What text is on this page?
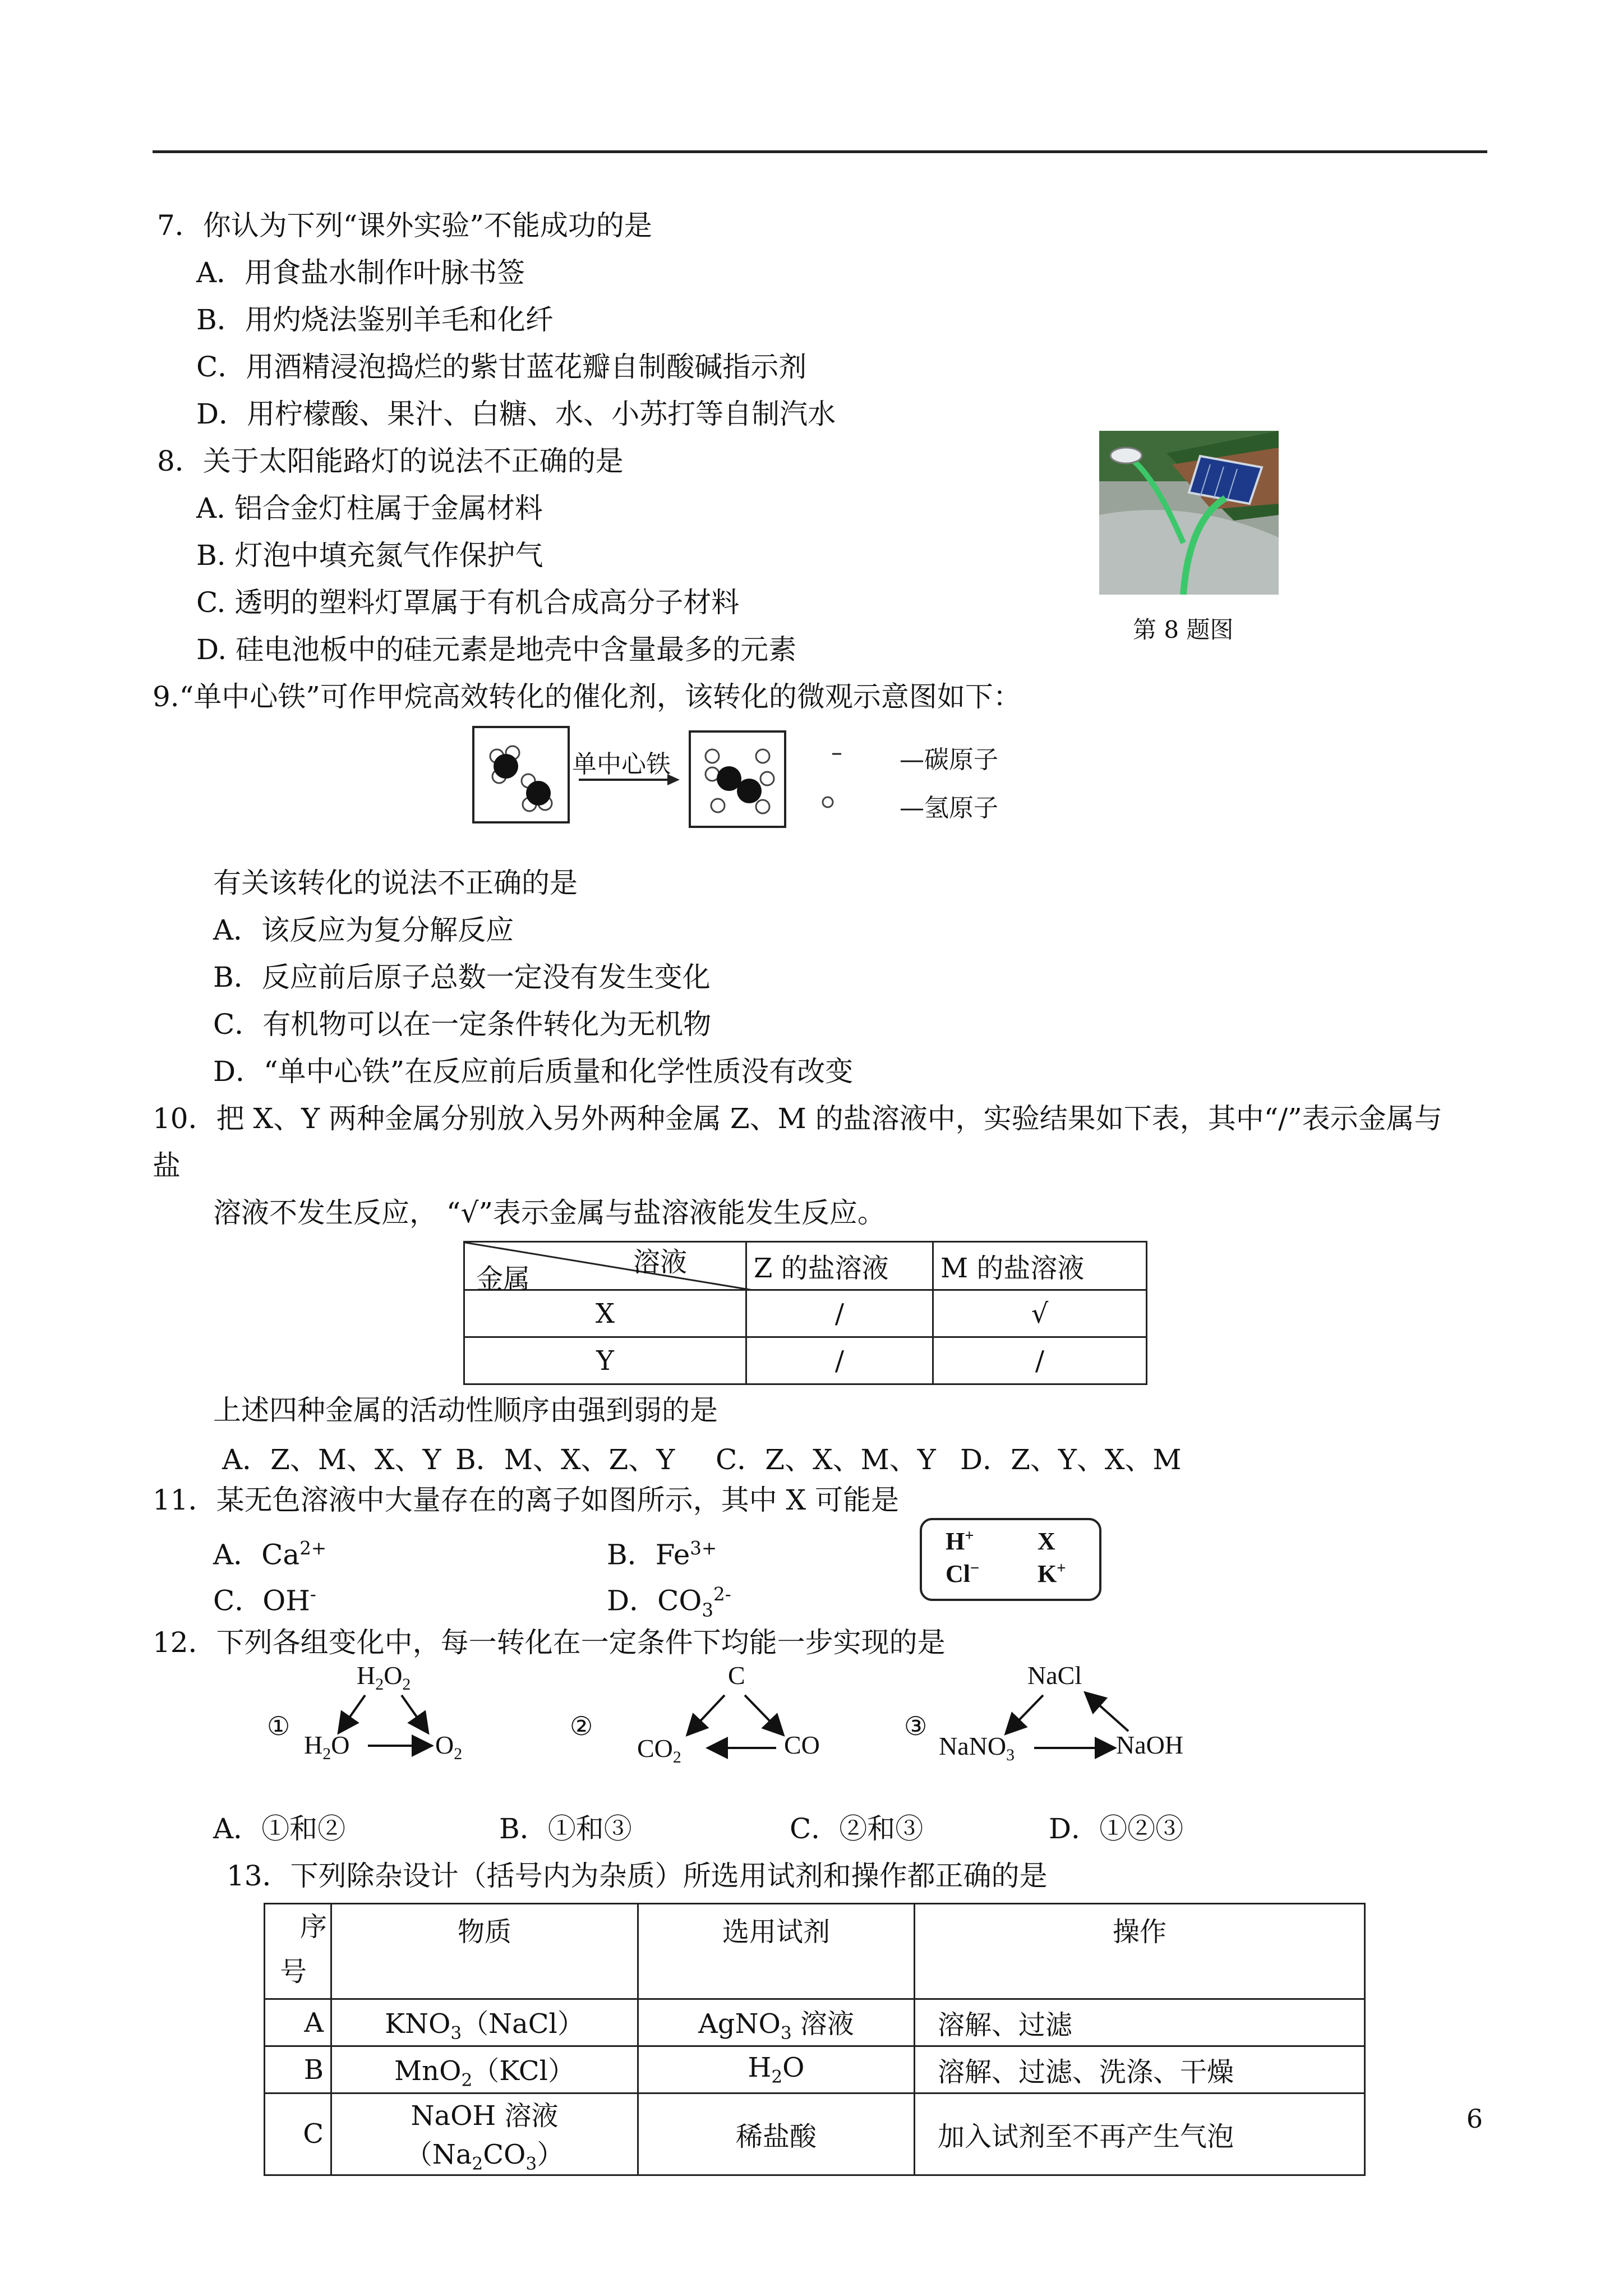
7．你认为下列“课外实验”不能成功的是
A．用食盐水制作叶脉书签
B．用灼烧法鉴别羊毛和化纤
C．用酒精浸泡捣烂的紫甘蓝花瓣自制酸碱指示剂
D．用柠檬酸、果汁、白糖、水、小苏打等自制汽水
8．关于太阳能路灯的说法不正确的是
A. 铝合金灯柱属于金属材料
B. 灯泡中填充氮气作保护气
C. 透明的塑料灯罩属于有机合成高分子材料
D. 硅电池板中的硅元素是地壳中含量最多的元素
第 8 题图
9.“单中心铁”可作甲烷高效转化的催化剂，该转化的微观示意图如下：
单中心铁	—碳原子
—氢原子
有关该转化的说法不正确的是
A．该反应为复分解反应
B．反应前后原子总数一定没有发生变化
C．有机物可以在一定条件转化为无机物
D．“单中心铁”在反应前后质量和化学性质没有改变
10．把 X、Y 两种金属分别放入另外两种金属 Z、M 的盐溶液中，实验结果如下表，其中“/”表示金属与
盐
溶液不发生反应， “√”表示金属与盐溶液能发生反应。
溶液
金属	Z 的盐溶液	M 的盐溶液
X	/	√
Y	/	/
上述四种金属的活动性顺序由强到弱的是
A．Z、M、X、Y B．M、X、Z、Y C．Z、X、M、Y D．Z、Y、X、M
11．某无色溶液中大量存在的离子如图所示，其中 X 可能是
A．$Ca^{2+}$	B．$Fe^{3+}$
C．OH-	D．$CO_3^{2-}$
H+	X
Cl− K+
12．下列各组变化中，每一转化在一定条件下均能一步实现的是
①
$H_2O_2$
$H_2O$	$O_2$
②
C
$CO_2$	CO
③
NaCl
NaNO$_3$	NaOH
A．①和②	B．①和③	C．②和③	D．①②③
13．下列除杂设计（括号内为杂质）所选用试剂和操作都正确的是
序

号	物质	选用试剂	操作
A	$KNO_3(NaCl)$	AgNO$_3$ 溶液	溶解、过滤
B	MnO$_2$（KCl）	$H_2O$	溶解、过滤、洗涤、干燥
C	NaOH 溶液$(Na_2CO_3)$	稀盐酸	加入试剂至不再产生气泡
6
